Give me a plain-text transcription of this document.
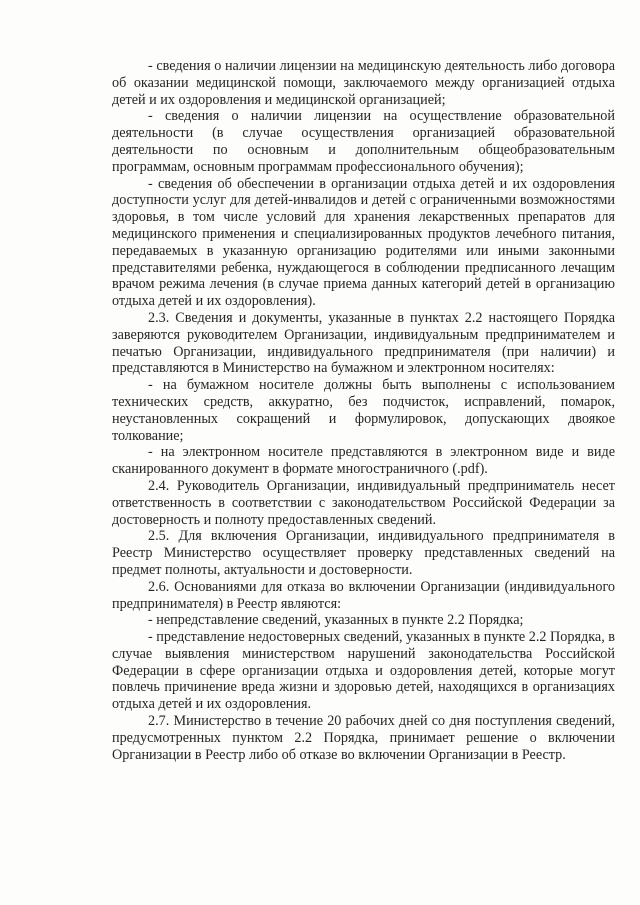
- сведения о наличии лицензии на медицинскую деятельность либо договора об оказании медицинской помощи, заключаемого между организацией отдыха детей и их оздоровления и медицинской организацией;

- сведения о наличии лицензии на осуществление образовательной деятельности (в случае осуществления организацией образовательной деятельности по основным и дополнительным общеобразовательным программам, основным программам профессионального обучения);

- сведения об обеспечении в организации отдыха детей и их оздоровления доступности услуг для детей-инвалидов и детей с ограниченными возможностями здоровья, в том числе условий для хранения лекарственных препаратов для медицинского применения и специализированных продуктов лечебного питания, передаваемых в указанную организацию родителями или иными законными представителями ребенка, нуждающегося в соблюдении предписанного лечащим врачом режима лечения (в случае приема данных категорий детей в организацию отдыха детей и их оздоровления).

2.3. Сведения и документы, указанные в пунктах 2.2 настоящего Порядка заверяются руководителем Организации, индивидуальным предпринимателем и печатью Организации, индивидуального предпринимателя (при наличии) и представляются в Министерство на бумажном и электронном носителях:

- на бумажном носителе должны быть выполнены с использованием технических средств, аккуратно, без подчисток, исправлений, помарок, неустановленных сокращений и формулировок, допускающих двоякое толкование;

- на электронном носителе представляются в электронном виде и виде сканированного документ в формате многостраничного (.pdf).

2.4. Руководитель Организации, индивидуальный предприниматель несет ответственность в соответствии с законодательством Российской Федерации за достоверность и полноту предоставленных сведений.

2.5. Для включения Организации, индивидуального предпринимателя в Реестр Министерство осуществляет проверку представленных сведений на предмет полноты, актуальности и достоверности.

2.6. Основаниями для отказа во включении Организации (индивидуального предпринимателя) в Реестр являются:

- непредставление сведений, указанных в пункте 2.2 Порядка;

- представление недостоверных сведений, указанных в пункте 2.2 Порядка, в случае выявления министерством нарушений законодательства Российской Федерации в сфере организации отдыха и оздоровления детей, которые могут повлечь причинение вреда жизни и здоровью детей, находящихся в организациях отдыха детей и их оздоровления.

2.7. Министерство в течение 20 рабочих дней со дня поступления сведений, предусмотренных пунктом 2.2 Порядка, принимает решение о включении Организации в Реестр либо об отказе во включении Организации в Реестр.
